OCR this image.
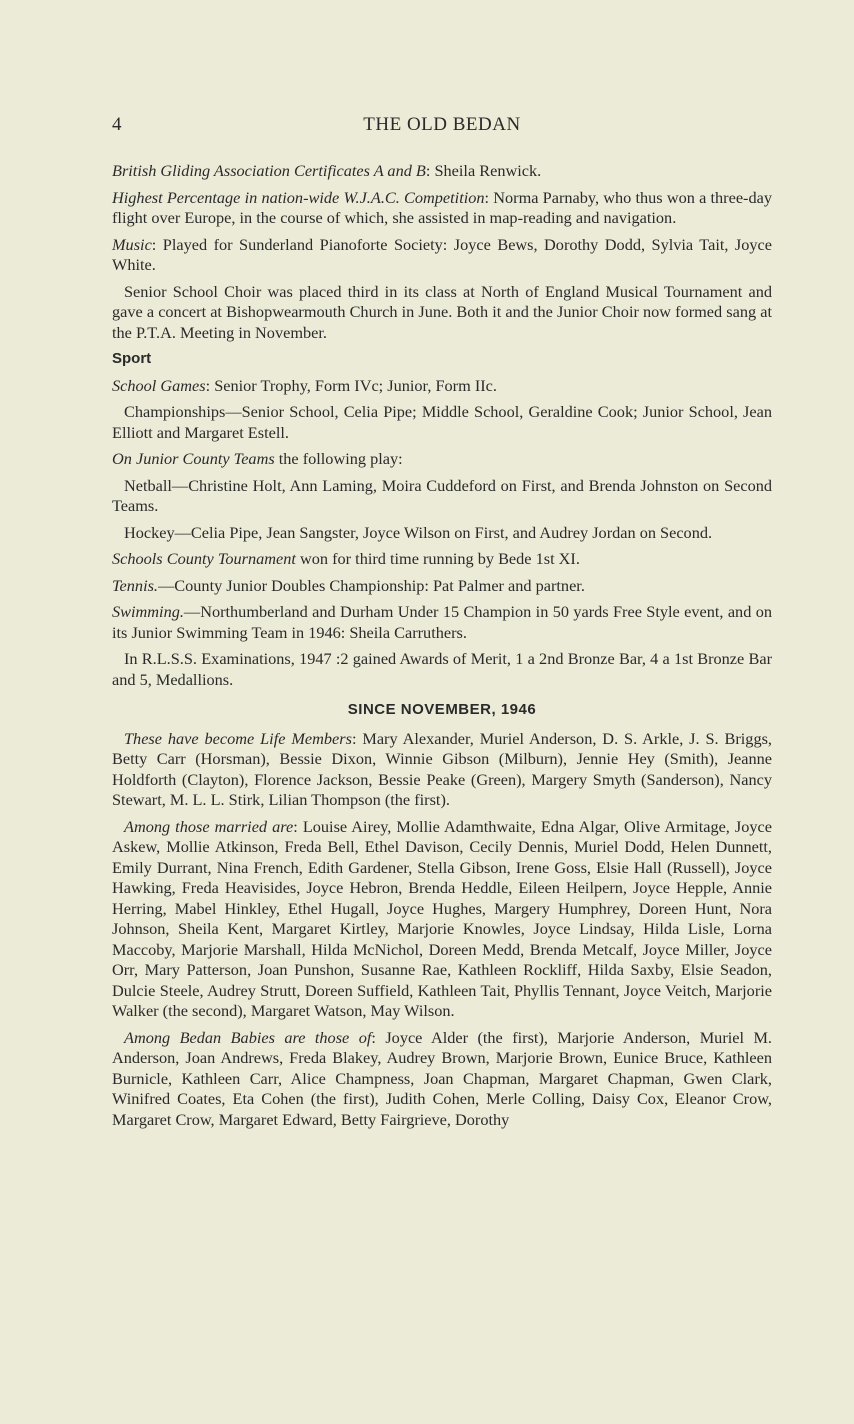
4	THE OLD BEDAN

British Gliding Association Certificates A and B: Sheila Renwick.

Highest Percentage in nation-wide W.J.A.C. Competition: Norma Parnaby, who thus won a three-day flight over Europe, in the course of which, she assisted in map-reading and navigation.

Music: Played for Sunderland Pianoforte Society: Joyce Bews, Dorothy Dodd, Sylvia Tait, Joyce White.

Senior School Choir was placed third in its class at North of England Musical Tournament and gave a concert at Bishopwearmouth Church in June. Both it and the Junior Choir now formed sang at the P.T.A. Meeting in November.

Sport

School Games: Senior Trophy, Form IVc; Junior, Form IIc.

Championships—Senior School, Celia Pipe; Middle School, Geraldine Cook; Junior School, Jean Elliott and Margaret Estell.

On Junior County Teams the following play:

Netball—Christine Holt, Ann Laming, Moira Cuddeford on First, and Brenda Johnston on Second Teams.

Hockey—Celia Pipe, Jean Sangster, Joyce Wilson on First, and Audrey Jordan on Second.

Schools County Tournament won for third time running by Bede 1st XI.

Tennis.—County Junior Doubles Championship: Pat Palmer and partner.

Swimming.—Northumberland and Durham Under 15 Champion in 50 yards Free Style event, and on its Junior Swimming Team in 1946: Sheila Carruthers.

In R.L.S.S. Examinations, 1947 :2 gained Awards of Merit, 1 a 2nd Bronze Bar, 4 a 1st Bronze Bar and 5, Medallions.

SINCE NOVEMBER, 1946

These have become Life Members: Mary Alexander, Muriel Anderson, D. S. Arkle, J. S. Briggs, Betty Carr (Horsman), Bessie Dixon, Winnie Gibson (Milburn), Jennie Hey (Smith), Jeanne Holdforth (Clayton), Florence Jackson, Bessie Peake (Green), Margery Smyth (Sanderson), Nancy Stewart, M. L. L. Stirk, Lilian Thompson (the first).

Among those married are: Louise Airey, Mollie Adamthwaite, Edna Algar, Olive Armitage, Joyce Askew, Mollie Atkinson, Freda Bell, Ethel Davison, Cecily Dennis, Muriel Dodd, Helen Dunnett, Emily Durrant, Nina French, Edith Gardener, Stella Gibson, Irene Goss, Elsie Hall (Russell), Joyce Hawking, Freda Heavisides, Joyce Hebron, Brenda Heddle, Eileen Heilpern, Joyce Hepple, Annie Herring, Mabel Hinkley, Ethel Hugall, Joyce Hughes, Margery Humphrey, Doreen Hunt, Nora Johnson, Sheila Kent, Margaret Kirtley, Marjorie Knowles, Joyce Lindsay, Hilda Lisle, Lorna Maccoby, Marjorie Marshall, Hilda McNichol, Doreen Medd, Brenda Metcalf, Joyce Miller, Joyce Orr, Mary Patterson, Joan Punshon, Susanne Rae, Kathleen Rockliff, Hilda Saxby, Elsie Seadon, Dulcie Steele, Audrey Strutt, Doreen Suffield, Kathleen Tait, Phyllis Tennant, Joyce Veitch, Marjorie Walker (the second), Margaret Watson, May Wilson.

Among Bedan Babies are those of: Joyce Alder (the first), Marjorie Anderson, Muriel M. Anderson, Joan Andrews, Freda Blakey, Audrey Brown, Marjorie Brown, Eunice Bruce, Kathleen Burnicle, Kathleen Carr, Alice Champness, Joan Chapman, Margaret Chapman, Gwen Clark, Winifred Coates, Eta Cohen (the first), Judith Cohen, Merle Colling, Daisy Cox, Eleanor Crow, Margaret Crow, Margaret Edward, Betty Fairgrieve, Dorothy
